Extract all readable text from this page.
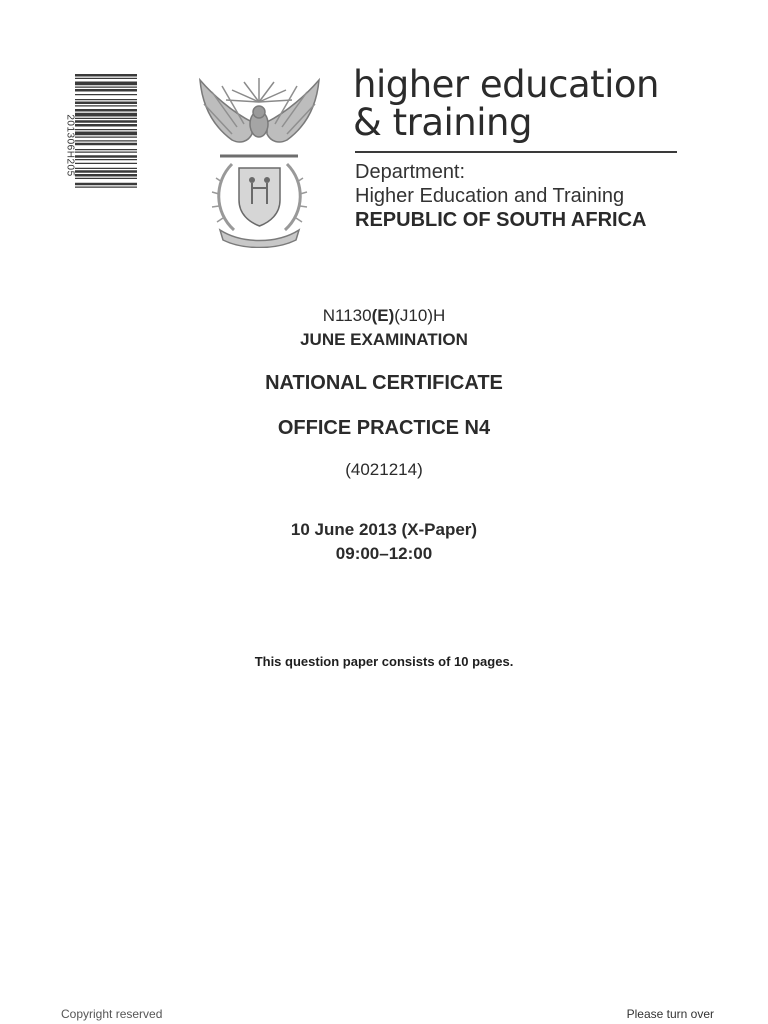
201306H205
higher education
& training
Department:
Higher Education and Training
REPUBLIC OF SOUTH AFRICA
N1130(E)(J10)H
JUNE EXAMINATION
NATIONAL CERTIFICATE
OFFICE PRACTICE N4
(4021214)
10 June 2013 (X-Paper)
09:00–12:00
This question paper consists of 10 pages.
Copyright reserved	Please turn over
